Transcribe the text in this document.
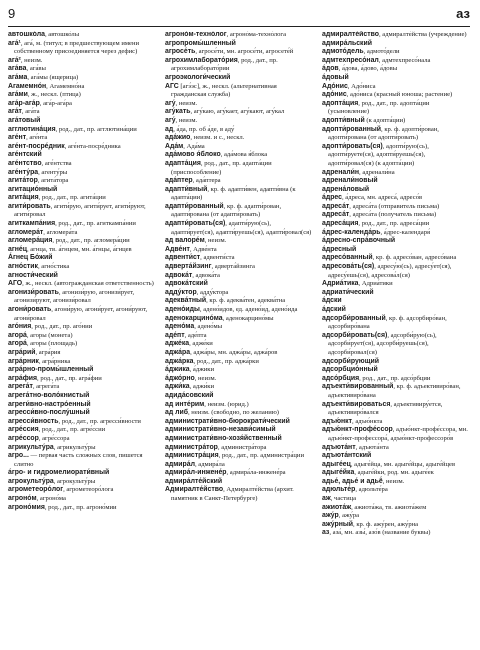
9	аз

автошко́ла, автошко́лы

ага́¹, ага́, м. (титул; в предшествующем имени собственному присоединяется через дефис)

ага́², неизм.

ага́ва, ага́вы

ага́ма, ага́мы (ящерица)

Агамемно́н, Агамемно́на

ага́ми, ж., нескл. (птица)

ага́р-ага́р, ага́р-ага́ра

ага́т, ага́та

ага́товый

агглютина́ция, род., дат., пр. агглютина́ции

аге́нт, аге́нта

аге́нт-посре́дник, аге́нта-посре́дника

аге́нтский

аге́нтство, аге́нтства

аге́нту́ра, агенту́ры

агита́тор, агита́тора

агитацио́нный

агита́ция, род., дат., пр. агита́ции

агити́ровать, агити́рую, агити́рует, агити́руют, агити́ровал

агиткампа́ния, род., дат., пр. агиткампа́нии

агломера́т, агломера́та

агломера́ция, род., дат., пр. агломера́ции

агне́ц, агнца, тв. а́гнцем, мн. а́гнцы, а́гнцев

А́гнец Бо́жий

агно́стик, агно́стика

агности́ческий

АГО, ж., нескл. (автогражданская ответственность)

агонизи́ровать, агонизи́рую, агонизи́рует, агонизи́руют, агонизи́ровал

агони́ровать, агони́рую, агони́рует, агони́руют, агони́ровал

аго́ния, род., дат., пр. аго́нии

агора́, агоры (монета)

агора́, агоры (площадь)

агра́рий, агра́рия

агра́рник, агра́рника

агра́рно-промы́шленный

агра́фия, род., дат., пр. агра́фии

агрега́т, агрега́та

агрега́тно-воло́книстый

агреги́вно-настро́енный

агресси́вно-послу́шный

агресси́вность, род., дат., пр. агресси́вности

агре́ссия, род., дат., пр. агре́ссии

агре́ссор, агре́ссора

агрикульту́ра, агрикульту́ры

агро... — первая часть сложных слов, пишется слитно

а́гро- и гидромелиорати́вный

агрокульту́ра, агрокульту́ры

агрометеоро́лог, агрометеоро́лога

агроно́м, агроно́ма

агроно́мия, род., дат., пр. агроно́мии

агроно́м-техно́лог, агроно́ма-техно́лога

агропромы́шленный

агросе́ть, агросе́ти, мн. агросе́ти, агросете́й

агрохимлаборато́рия, род., дат., пр. агрохимлаборато́рии

агроэкологи́ческий

АГС [агэ́эс], ж., нескл. (альтернативная гражданская служба)

агу́, неизм.

агу́кать, агу́каю, агу́кает, агу́кают, агу́кал

агу́, неизм.

ад, а́да, пр. об а́де, в аду́

ада́жио, неизм. и с., нескл.

Ада́м, Ада́ма

ада́мово я́блоко, ада́мова я́блока

адапта́ция, род., дат., пр. адапта́ции (приспособление)

ада́птер, ада́птера

адапти́вный, кр. ф. адапти́вен, адапти́вна (к адапта́ции)

адапти́рованный, кр. ф. адапти́рован, адапти́рована (от адапти́ровать)

адапти́ровать(ся), адапти́рую(сь), адапти́рует(ся), адапти́руешь(ся), адапти́ровал(ся)

ад валоре́м, неизм.

Адве́нт, Адве́нта

адвенти́ст, адвенти́ста

адверта́йзинг, адверта́йзинга

адвока́т, адвока́та

адвока́тский

адду́ктор, адду́ктора

адеква́тный, кр. ф. адеква́тен, адеква́тна

адено́иды, адено́идов, ед. адено́ид, адено́ида

аденокарцино́ма, аденокарцино́мы

адено́ма, адено́мы

аде́пт, аде́пта

адже́ка, адже́ки

аджа́ра, аджа́ры, мн. аджа́ры, аджа́ров

аджа́рка, род., дат., пр. аджа́рки

а́джика, а́джики

а́джо́рно, неизм.

аджи́ка, аджи́ки

адида́совский

ад инте́рим, неизм. (юрид.)

ад либ, неизм. (свободно, по желанию)

администрати́вно-бюрократи́ческий

администрати́вно-незави́симый

администрати́вно-хозя́йственный

администра́тор, администра́тора

администра́ция, род., дат., пр. администра́ции

адмира́л, адмира́ла

адмира́л-инжене́р, адмира́ла-инжене́ра

адмира́лте́йский

Адмиралте́йство, Адмиралте́йства (архит. памятник в Санкт-Петербурге)

адмиралте́йство, адмиралте́йства (учреждение)

адмира́льский

адмото́дель, адмото́дели

адмтехпресо́нал, адмтехпресо́нала

а́дов, а́дова, а́дово, а́довы

а́довый

Адо́нис, Адо́ниса

адо́нис, адо́ниса (красный юноша; растение)

адопта́ция, род., дат., пр. адопта́ции (усыновление)

адопти́вный (к адопта́ции)

адопти́рованный, кр. ф. адопти́рован, адопти́рована (от адопти́ровать)

адопти́ровать(ся), адопти́рую(сь), адопти́руете(ся), адопти́руешь(ся), адопти́ровал(ся) (к адопта́ции)

адренали́н, адренали́на

адренали́новый

адрена́ловый

а́дрес, а́дреса, мн. адреса́, адресо́в

адреса́т, адреса́та (отправитель письма)

адреса́т, адреса́та (получатель письма)

адреса́ция, род., дат., пр. адреса́ции

а́дрес-календа́рь, а́дрес-календаря́

а́дресно-спра́вочный

а́дресный

адресо́ванный, кр. ф. адресо́ван, адресо́вана

адресова́ть(ся), адресу́ю(сь), адресу́ет(ся), адресу́ешь(ся), адресова́л(ся)

Адриа́тика, Адриа́тики

адриати́ческий

а́дски

а́дский

адсорби́рованный, кр. ф. адсорбиро́ван, адсорбиро́вана

адсорби́ровать(ся), адсорби́рую(сь), адсорби́рует(ся), адсорби́руешь(ся), адсорби́ровал(ся)

адсорби́рующий

адсорбцио́нный

адсо́рбция, род., дат., пр. адсо́рбции

адъекти́вированный, кр. ф. адъективиро́ван, адъективиро́вана

адъекти́вироваться, адъективиру́ется, адъективиро́вался

адъю́нкт, адъю́нкта

адъю́нкт-профе́ссор, адъю́нкт-профе́ссора, мн. адъю́нкт-профессора́, адъю́нкт-профессоро́в

адъюта́нт, адъюта́нта

адъюта́нтский

адыге́ец, адыге́йца, мн. адыге́йцы, адыге́йцев

адыге́йка, адыге́йки, род. мн. адыге́ек

адье́, адье́ и адьё́, неизм.

адюльте́р, адюльте́ра

аж, частица

ажиота́ж, ажиота́жа, тв. ажиота́жем

ажу́р, ажу́ра

ажу́рный, кр. ф. ажу́рен, ажу́рна

аз, аза́, мн. азы́, азо́в (название буквы)
